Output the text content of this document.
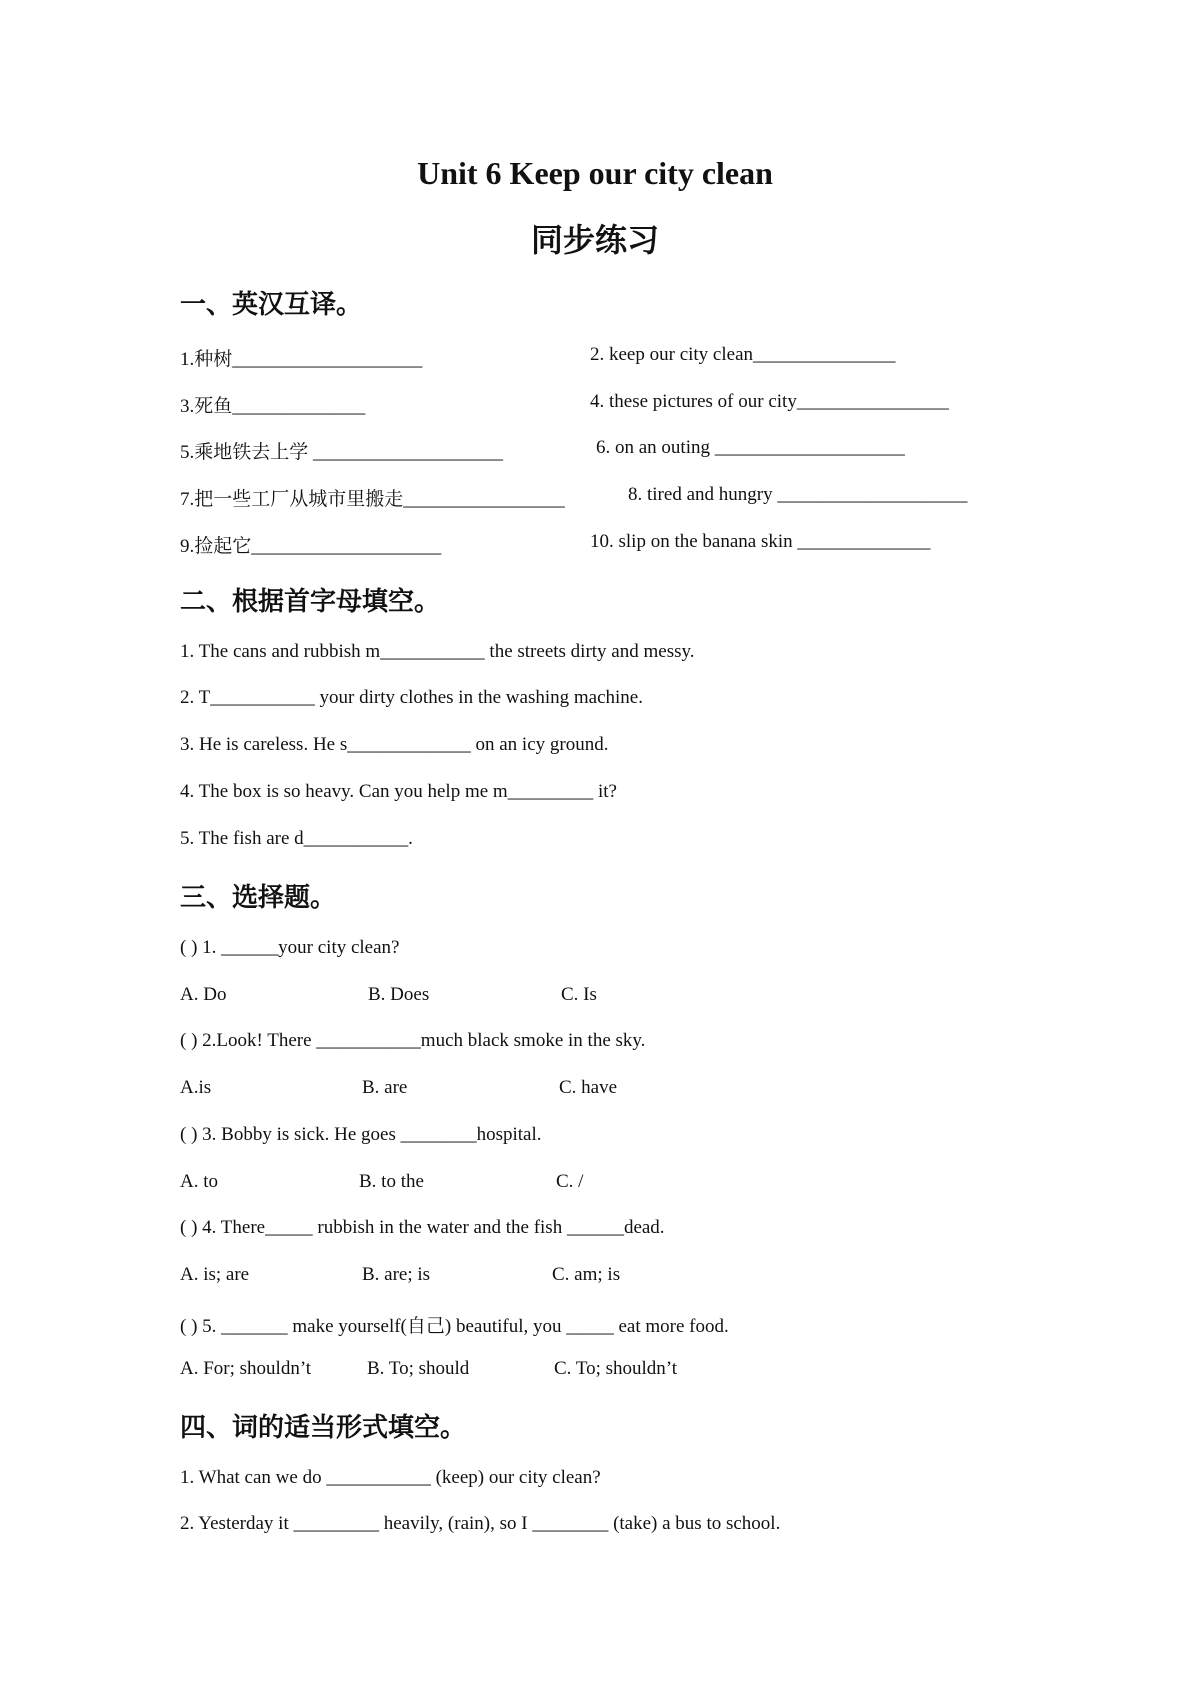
Unit 6 Keep our city clean
同步练习
一、英汉互译。
1.种树____________________	2. keep our city clean_______________
3.死鱼______________	4. these pictures of our city________________
5.乘地铁去上学 ____________________	6. on an outing ____________________
7.把一些工厂从城市里搬走_________________	8. tired and hungry ____________________
9.捡起它____________________	10. slip on the banana skin ______________
二、根据首字母填空。
1. The cans and rubbish m___________ the streets dirty and messy.
2. T___________ your dirty clothes in the washing machine.
3. He is careless. He s_____________ on an icy ground.
4. The box is so heavy. Can you help me m_________ it?
5. The fish are d___________.
三、选择题。
( ) 1. ______your city clean?
A. Do	B. Does	C. Is
( ) 2.Look! There ___________much black smoke in the sky.
A.is	B. are	C. have
( ) 3. Bobby is sick. He goes ________hospital.
A. to	B. to the	C. /
( ) 4. There_____ rubbish in the water and the fish ______dead.
A. is; are	B. are; is	C. am; is
( ) 5. _______ make yourself(自己) beautiful, you _____ eat more food.
A. For; shouldn’t	B. To; should	C. To; shouldn’t
四、词的适当形式填空。
1. What can we do ___________ (keep) our city clean?
2. Yesterday it _________ heavily, (rain), so I ________ (take) a bus to school.
